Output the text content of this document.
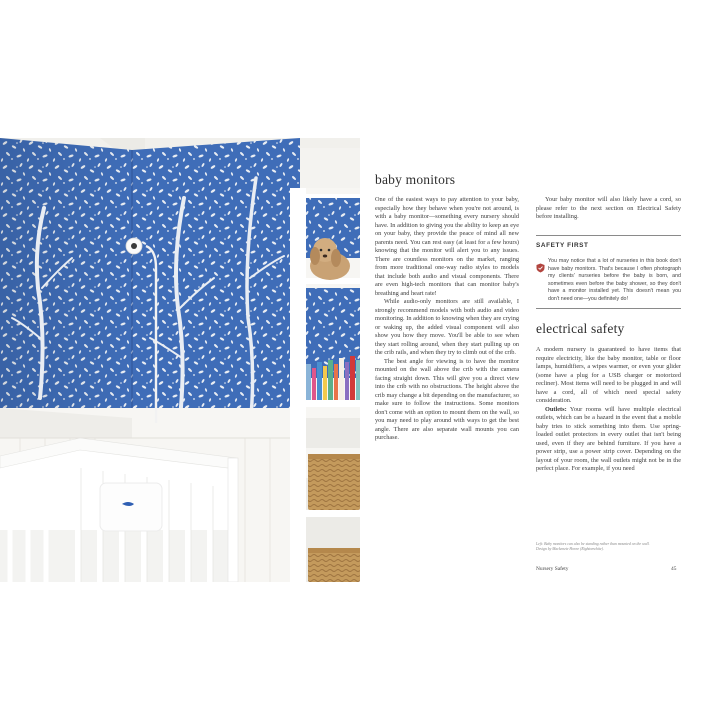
baby monitors

One of the easiest ways to pay attention to your baby, especially how they behave when you're not around, is with a baby monitor—something every nursery should have. In addition to giving you the ability to keep an eye on your baby, they provide the peace of mind all new parents need. You can rest easy (at least for a few hours) knowing that the monitor will alert you to any issues. There are countless monitors on the market, ranging from more traditional one-way radio styles to models that include both audio and visual components. There are even high-tech monitors that can monitor baby's breathing and heart rate!

While audio-only monitors are still available, I strongly recommend models with both audio and video monitoring. In addition to knowing when they are crying or waking up, the added visual component will also show you how they move. You'll be able to see when they start rolling around, when they start pulling up on the crib rails, and when they try to climb out of the crib.

The best angle for viewing is to have the monitor mounted on the wall above the crib with the camera facing straight down. This will give you a direct view into the crib with no obstructions. The height above the crib may change a bit depending on the manufacturer, so make sure to follow the instructions. Some monitors don't come with an option to mount them on the wall, so you may need to play around with ways to get the best angle. There are also separate wall mounts you can purchase.

Your baby monitor will also likely have a cord, so please refer to the next section on Electrical Safety before installing.

SAFETY FIRST

You may notice that a lot of nurseries in this book don't have baby monitors. That's because I often photograph my clients' nurseries before the baby is born, and sometimes even before the baby shower, so they don't have a monitor installed yet. This doesn't mean you don't need one—you definitely do!

electrical safety

A modern nursery is guaranteed to have items that require electricity, like the baby monitor, table or floor lamps, humidifiers, a wipes warmer, or even your glider (some have a plug for a USB charger or motorized recliner). Most items will need to be plugged in and will have a cord, all of which need special safety consideration.

Outlets: Your rooms will have multiple electrical outlets, which can be a hazard in the event that a mobile baby tries to stick something into them. Use spring-loaded outlet protectors in every outlet that isn't being used, even if they are behind furniture. If you have a power strip, use a power strip cover. Depending on the layout of your room, the wall outlets might not be in the perfect place. For example, if you need

Left: Baby monitors can also be standing rather than mounted on the wall. Design by Mackenzie Horne (Rightonwhite).

Nursery Safety	45
